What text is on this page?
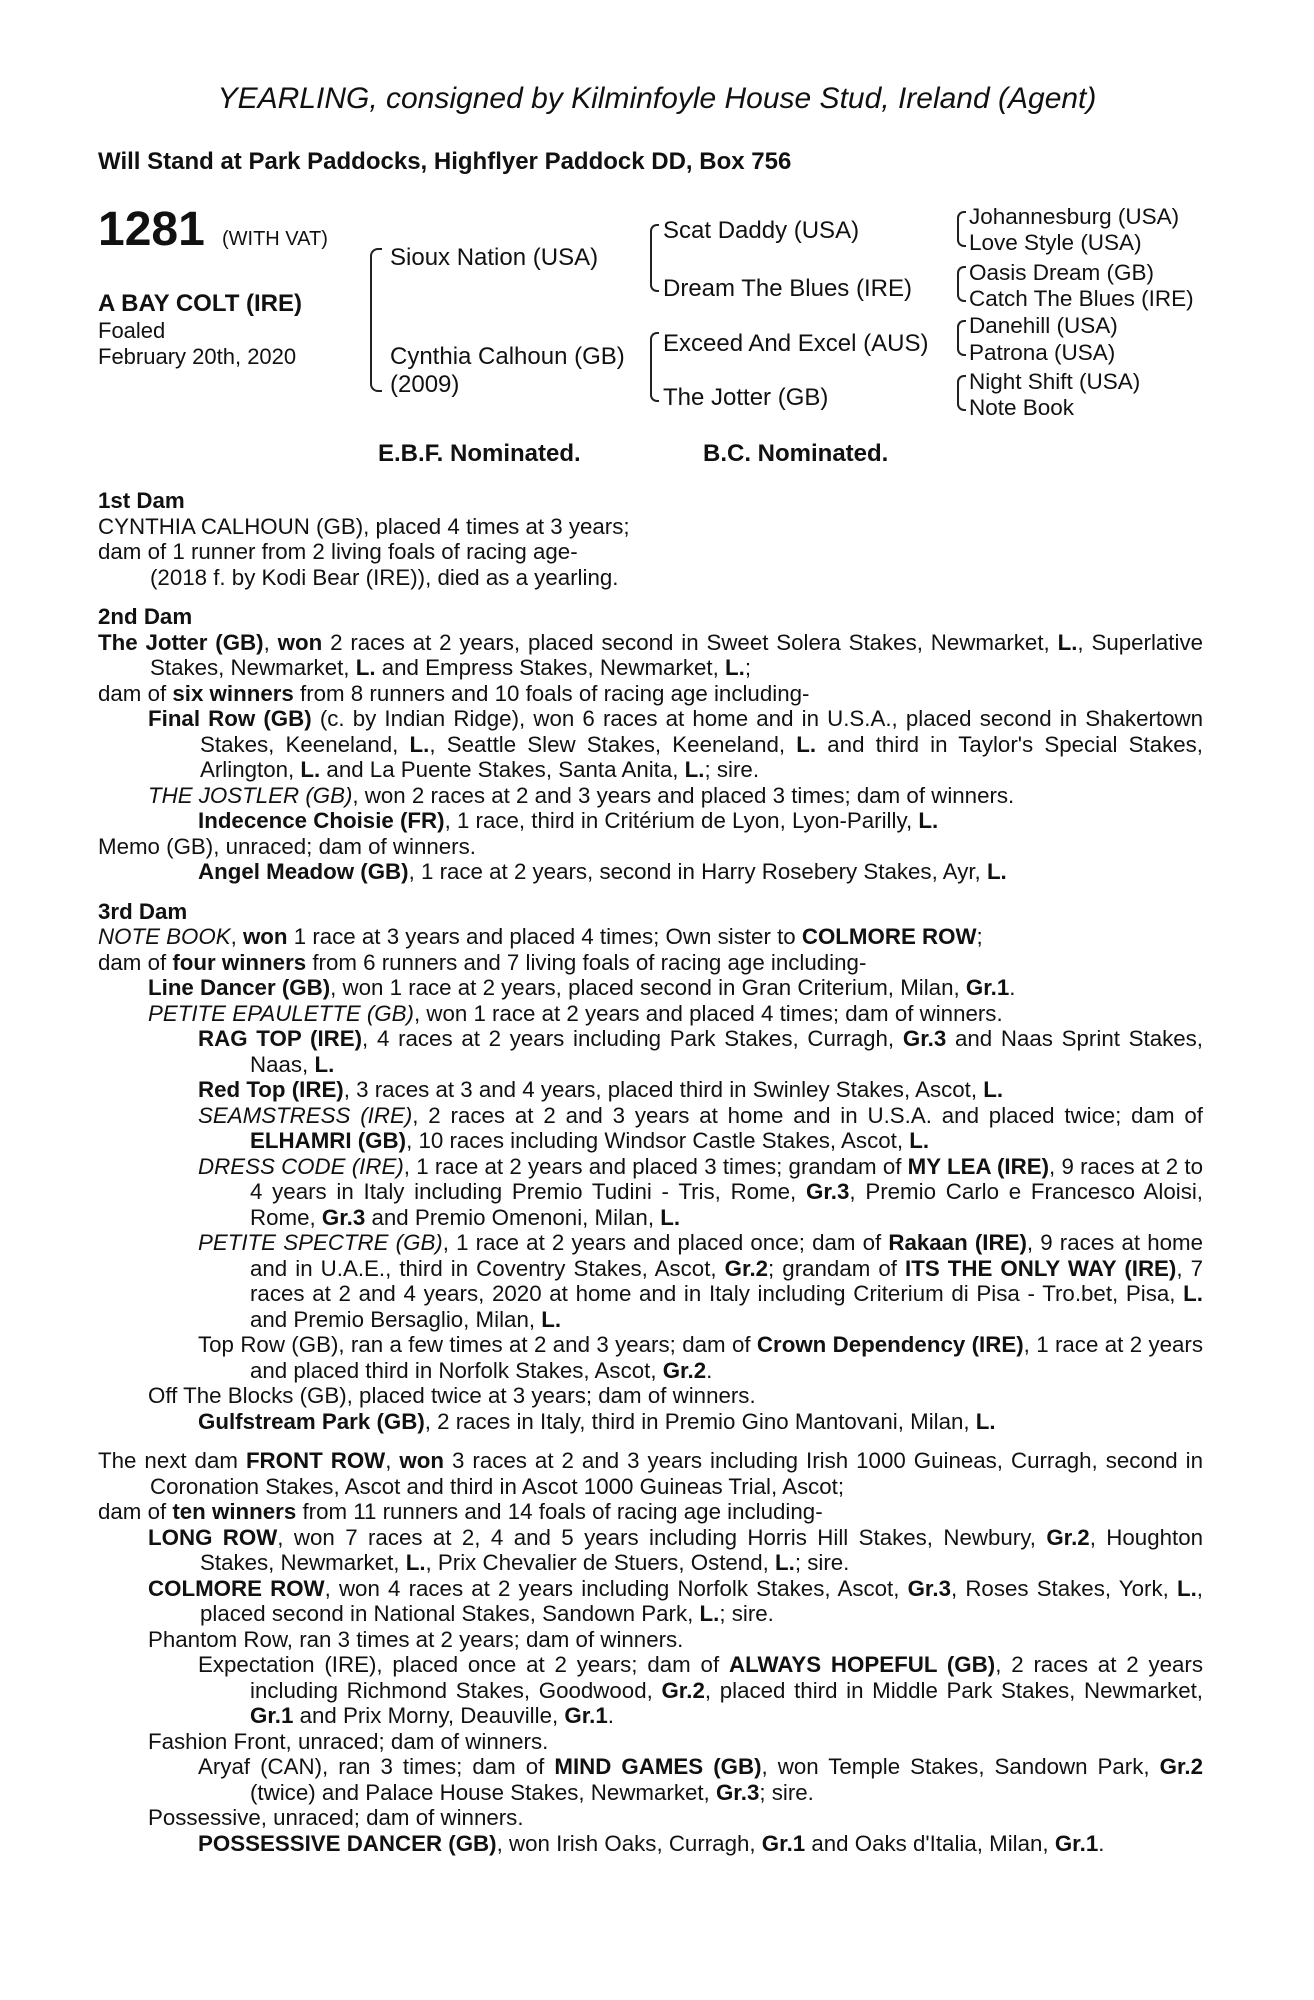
YEARLING, consigned by Kilminfoyle House Stud, Ireland (Agent)
Will Stand at Park Paddocks, Highflyer Paddock DD, Box 756
1281 (WITH VAT)
A BAY COLT (IRE)
Foaled
February 20th, 2020
Sioux Nation (USA)
Cynthia Calhoun (GB)
(2009)
Scat Daddy (USA)
Dream The Blues (IRE)
Exceed And Excel (AUS)
The Jotter (GB)
Johannesburg (USA)
Love Style (USA)
Oasis Dream (GB)
Catch The Blues (IRE)
Danehill (USA)
Patrona (USA)
Night Shift (USA)
Note Book
E.B.F. Nominated.	B.C. Nominated.

1st Dam

CYNTHIA CALHOUN (GB), placed 4 times at 3 years;

dam of 1 runner from 2 living foals of racing age-

(2018 f. by Kodi Bear (IRE)), died as a yearling.

2nd Dam

The Jotter (GB), won 2 races at 2 years, placed second in Sweet Solera Stakes, Newmarket, L., Superlative Stakes, Newmarket, L. and Empress Stakes, Newmarket, L.;

dam of six winners from 8 runners and 10 foals of racing age including-

Final Row (GB) (c. by Indian Ridge), won 6 races at home and in U.S.A., placed second in Shakertown Stakes, Keeneland, L., Seattle Slew Stakes, Keeneland, L. and third in Taylor's Special Stakes, Arlington, L. and La Puente Stakes, Santa Anita, L.; sire.

THE JOSTLER (GB), won 2 races at 2 and 3 years and placed 3 times; dam of winners.

Indecence Choisie (FR), 1 race, third in Critérium de Lyon, Lyon-Parilly, L.

Memo (GB), unraced; dam of winners.

Angel Meadow (GB), 1 race at 2 years, second in Harry Rosebery Stakes, Ayr, L.

3rd Dam

NOTE BOOK, won 1 race at 3 years and placed 4 times; Own sister to COLMORE ROW;

dam of four winners from 6 runners and 7 living foals of racing age including-

Line Dancer (GB), won 1 race at 2 years, placed second in Gran Criterium, Milan, Gr.1.

PETITE EPAULETTE (GB), won 1 race at 2 years and placed 4 times; dam of winners.

RAG TOP (IRE), 4 races at 2 years including Park Stakes, Curragh, Gr.3 and Naas Sprint Stakes, Naas, L.

Red Top (IRE), 3 races at 3 and 4 years, placed third in Swinley Stakes, Ascot, L.

SEAMSTRESS (IRE), 2 races at 2 and 3 years at home and in U.S.A. and placed twice; dam of ELHAMRI (GB), 10 races including Windsor Castle Stakes, Ascot, L.

DRESS CODE (IRE), 1 race at 2 years and placed 3 times; grandam of MY LEA (IRE), 9 races at 2 to 4 years in Italy including Premio Tudini - Tris, Rome, Gr.3, Premio Carlo e Francesco Aloisi, Rome, Gr.3 and Premio Omenoni, Milan, L.

PETITE SPECTRE (GB), 1 race at 2 years and placed once; dam of Rakaan (IRE), 9 races at home and in U.A.E., third in Coventry Stakes, Ascot, Gr.2; grandam of ITS THE ONLY WAY (IRE), 7 races at 2 and 4 years, 2020 at home and in Italy including Criterium di Pisa - Tro.bet, Pisa, L. and Premio Bersaglio, Milan, L.

Top Row (GB), ran a few times at 2 and 3 years; dam of Crown Dependency (IRE), 1 race at 2 years and placed third in Norfolk Stakes, Ascot, Gr.2.

Off The Blocks (GB), placed twice at 3 years; dam of winners.

Gulfstream Park (GB), 2 races in Italy, third in Premio Gino Mantovani, Milan, L.

The next dam FRONT ROW, won 3 races at 2 and 3 years including Irish 1000 Guineas, Curragh, second in Coronation Stakes, Ascot and third in Ascot 1000 Guineas Trial, Ascot;

dam of ten winners from 11 runners and 14 foals of racing age including-

LONG ROW, won 7 races at 2, 4 and 5 years including Horris Hill Stakes, Newbury, Gr.2, Houghton Stakes, Newmarket, L., Prix Chevalier de Stuers, Ostend, L.; sire.

COLMORE ROW, won 4 races at 2 years including Norfolk Stakes, Ascot, Gr.3, Roses Stakes, York, L., placed second in National Stakes, Sandown Park, L.; sire.

Phantom Row, ran 3 times at 2 years; dam of winners.

Expectation (IRE), placed once at 2 years; dam of ALWAYS HOPEFUL (GB), 2 races at 2 years including Richmond Stakes, Goodwood, Gr.2, placed third in Middle Park Stakes, Newmarket, Gr.1 and Prix Morny, Deauville, Gr.1.

Fashion Front, unraced; dam of winners.

Aryaf (CAN), ran 3 times; dam of MIND GAMES (GB), won Temple Stakes, Sandown Park, Gr.2 (twice) and Palace House Stakes, Newmarket, Gr.3; sire.

Possessive, unraced; dam of winners.

POSSESSIVE DANCER (GB), won Irish Oaks, Curragh, Gr.1 and Oaks d'Italia, Milan, Gr.1.
